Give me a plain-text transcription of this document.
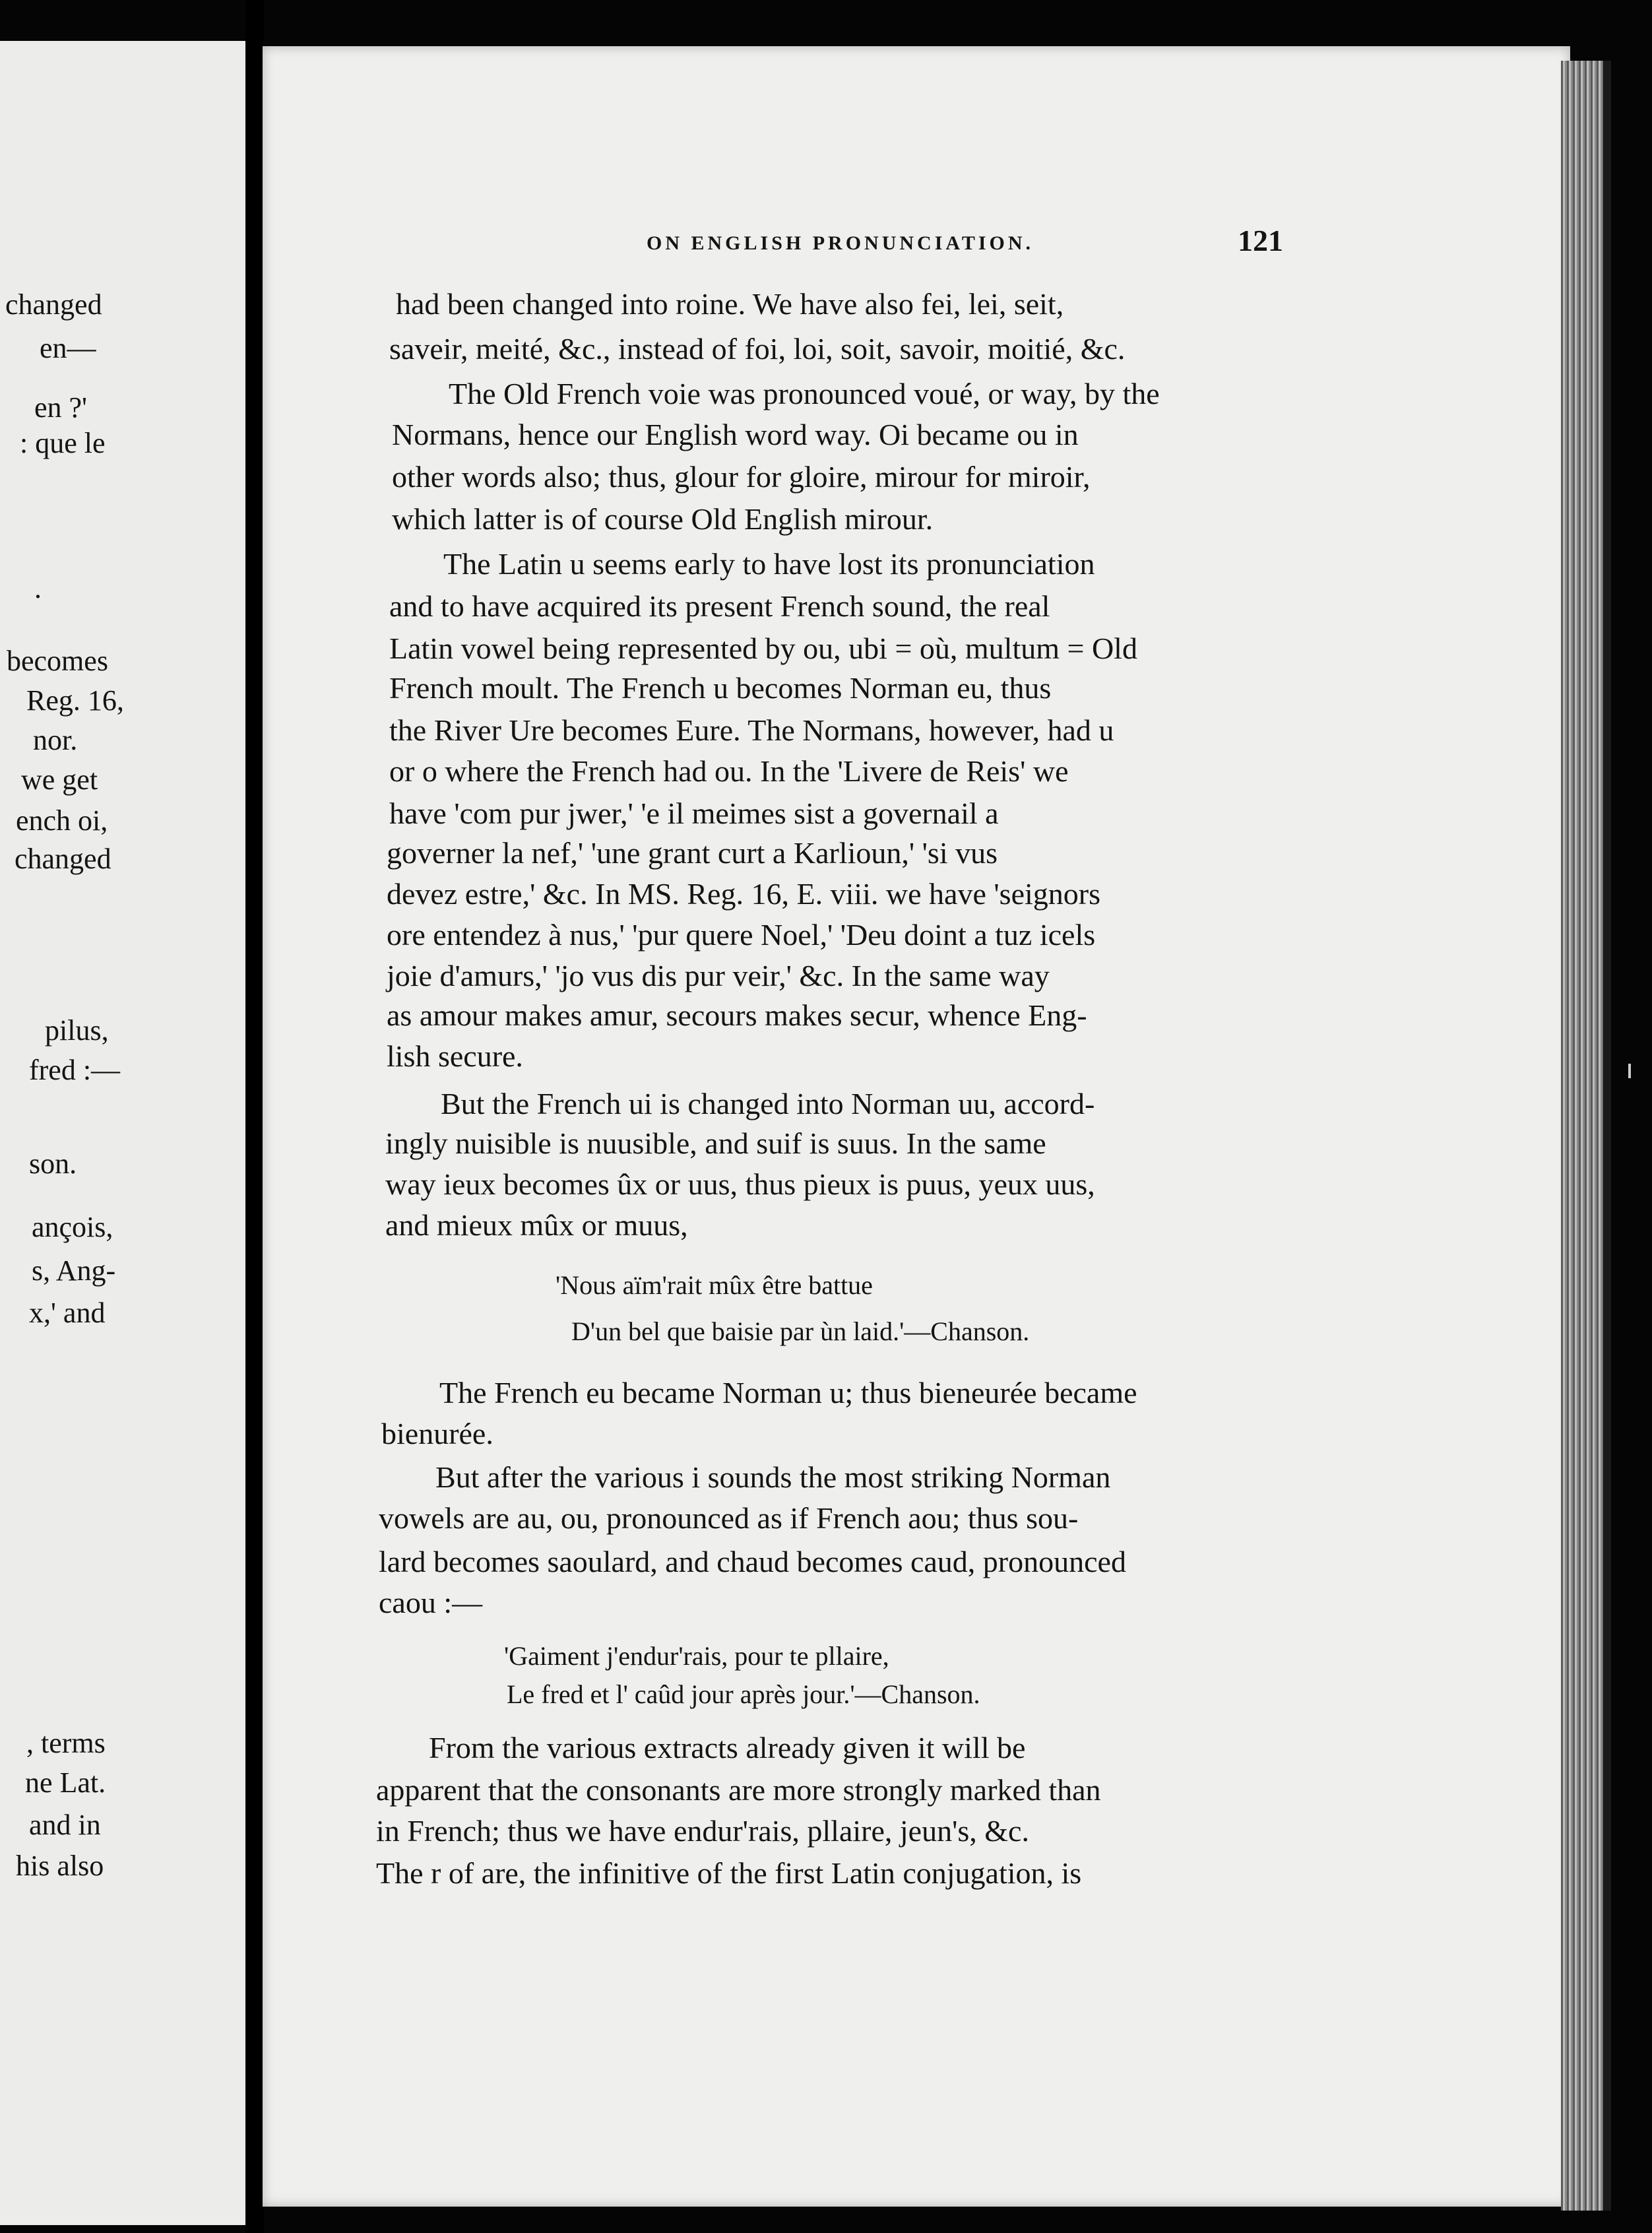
changed
en—
en ?'
: que le
.
becomes
Reg. 16,
nor.
we get
ench oi,
changed
pilus,
fred :—
son.
ançois,
s, Ang-
x,' and
, terms
ne Lat.
and in
his also
ON ENGLISH PRONUNCIATION.	121
had been changed into roine. We have also fei, lei, seit,
saveir, meité, &c., instead of foi, loi, soit, savoir, moitié, &c.
The Old French voie was pronounced voué, or way, by the
Normans, hence our English word way. Oi became ou in
other words also; thus, glour for gloire, mirour for miroir,
which latter is of course Old English mirour.
The Latin u seems early to have lost its pronunciation
and to have acquired its present French sound, the real
Latin vowel being represented by ou, ubi = où, multum = Old
French moult. The French u becomes Norman eu, thus
the River Ure becomes Eure. The Normans, however, had u
or o where the French had ou. In the 'Livere de Reis' we
have 'com pur jwer,' 'e il meimes sist a governail a
governer la nef,' 'une grant curt a Karlioun,' 'si vus
devez estre,' &c. In MS. Reg. 16, E. viii. we have 'seignors
ore entendez à nus,' 'pur quere Noel,' 'Deu doint a tuz icels
joie d'amurs,' 'jo vus dis pur veir,' &c. In the same way
as amour makes amur, secours makes secur, whence Eng-
lish secure.
But the French ui is changed into Norman uu, accord-
ingly nuisible is nuusible, and suif is suus. In the same
way ieux becomes ûx or uus, thus pieux is puus, yeux uus,
and mieux mûx or muus,
'Nous aïm'rait mûx être battue
D'un bel que baisie par ùn laid.'—Chanson.
The French eu became Norman u; thus bieneurée became
bienurée.
But after the various i sounds the most striking Norman
vowels are au, ou, pronounced as if French aou; thus sou-
lard becomes saoulard, and chaud becomes caud, pronounced
caou :—
'Gaiment j'endur'rais, pour te pllaire,
Le fred et l' caûd jour après jour.'—Chanson.
From the various extracts already given it will be
apparent that the consonants are more strongly marked than
in French; thus we have endur'rais, pllaire, jeun's, &c.
The r of are, the infinitive of the first Latin conjugation, is
